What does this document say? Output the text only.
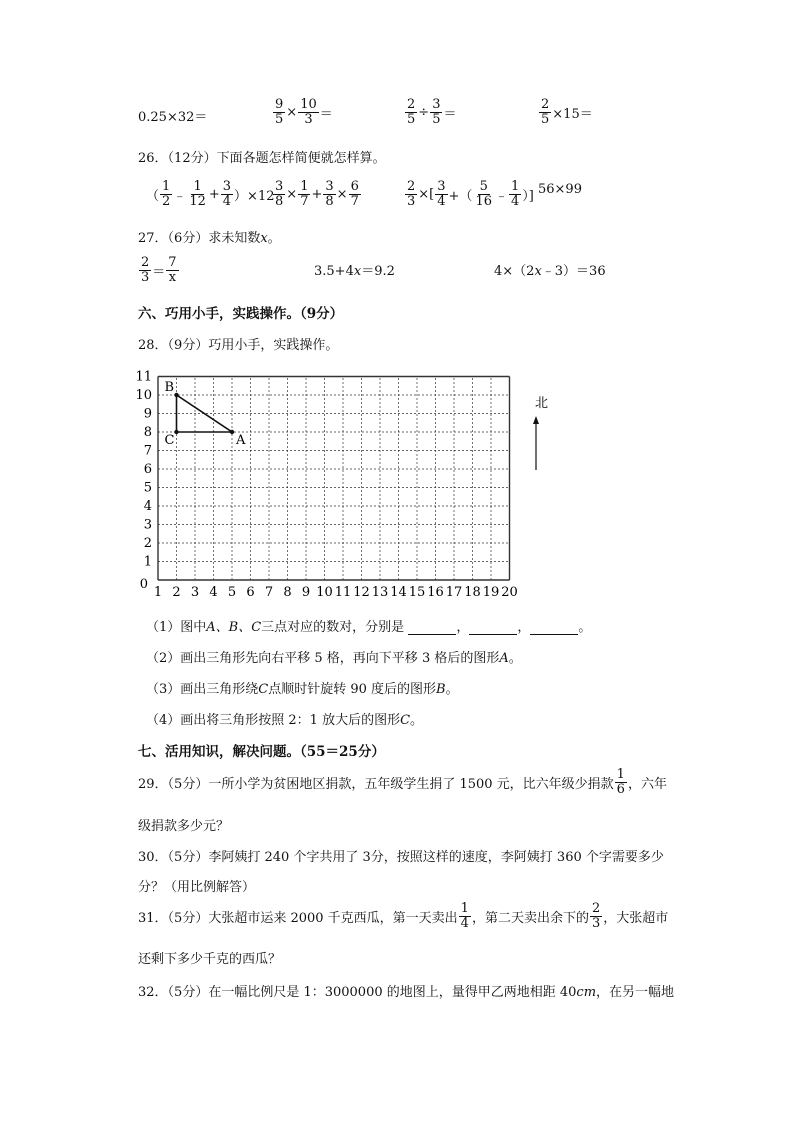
0.25×32＝	$\frac{9}{5} \times \frac{10}{3}$ ＝	$\frac{2}{5} \div \frac{3}{5}$ ＝	$\frac{2}{5} \times 15=$
26．（12分）下面各题怎样简便就怎样算。
（ $\frac{1}{2}$ ﹣ $\frac{1}{12} + \frac{3}{4} )\times 12$
$\frac{3}{8} \times \frac{1}{7} + \frac{3}{8} \times \frac{6}{7}$	$\frac{2}{3}$ ×[ $\frac{3}{4}$ +（ $\frac{5}{16}$ ﹣ $\frac{1}{4}$ ）] 56×99
27．（6分）求未知数x。
$\frac{2}{3} = \frac{7}{x}$	3.5+4x＝9.2	4×（2x﹣3）＝36
六、巧用小手，实践操作。（9分）
28．（9分）巧用小手，实践操作。
B
C	A
1 2 3 4 5 6 7 8 9 10 11 12 13 14 15 16 17 18 19 20
1
2
3
4
5
6
7
8
9
10
11
0
北
（1）图中A、B、C三点对应的数对，分别是	，	，	。
（2）画出三角形先向右平移 5 格，再向下平移 3 格后的图形A。
（3）画出三角形绕C点顺时针旋转 90 度后的图形B。
（4）画出将三角形按照 2：1 放大后的图形C。
七、活用知识，解决问题。（55＝25分）
29．（5分）一所小学为贫困地区捐款，五年级学生捐了 1500 元，比六年级少捐款 $\frac{1}{6}$ ，六年
级捐款多少元？
30．（5分）李阿姨打 240 个字共用了 3分，按照这样的速度，李阿姨打 360 个字需要多少
分？（用比例解答）
31．（5分）大张超市运来 2000 千克西瓜，第一天卖出 $\frac{1}{4}$ ，第二天卖出余下的 $\frac{2}{3}$ ，大张超市
还剩下多少千克的西瓜？
32．（5分）在一幅比例尺是 1：3000000 的地图上，量得甲乙两地相距 40cm，在另一幅地
